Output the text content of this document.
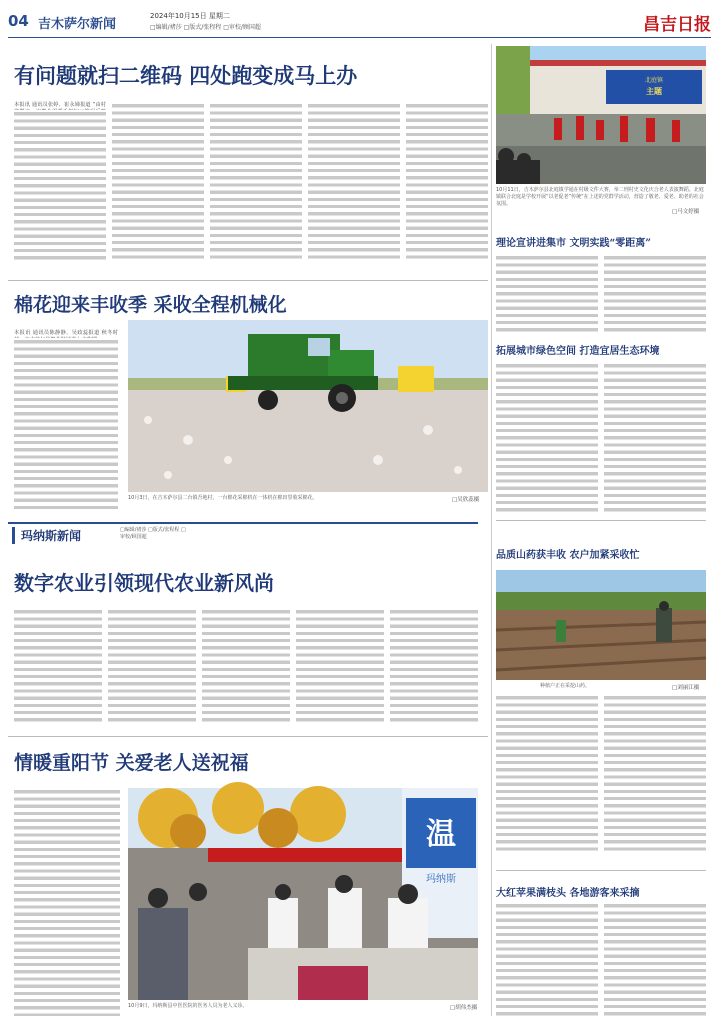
04 吉木萨尔新闻
2024年10月15日 星期二
□编辑/褚莎 □版式/张程程 □审校/顾国超	昌吉日报
有问题就扫二维码 四处跑变成马上办
本报讯 通讯员张婷、崔永娣报道 “由村
北庭镇
主题
10月11日，吉木萨尔县北庭镇学通在村级文件大赛，举二刑村史文化庆合老人表演舞蹈。北庭镇联合北庭是学校开展“以老促老”传统“在上述的党群学活动，营造了敬老、爱老、助老的社会氛围。
□马文婷摄
理论宣讲进集市 文明实践“零距离”
拓展城市绿色空间 打造宜居生态环境
棉花迎来丰收季 采收全程机械化
本报讯 通讯员陈静静、吴政蕊报道 秋冬时
10月3日，在吉木萨尔县二台镇吾地村，一台棉花采棉机在一体机在棉田里收采棉花。	□吴欣蕊摄
玛纳斯新闻	□编辑/褚莎 □版式/张程程 □审校/顾国超
数字农业引领现代农业新风尚
品质山药获丰收 农户加紧采收忙
种植户正在采挖山药。	□刘丽江摄
情暖重阳节 关爱老人送祝福
温
玛纳斯
10月9日，玛纳斯县中医医院的医务人员为老人义诊。	□胡伟杰摄
大红苹果满枝头 各地游客来采摘
